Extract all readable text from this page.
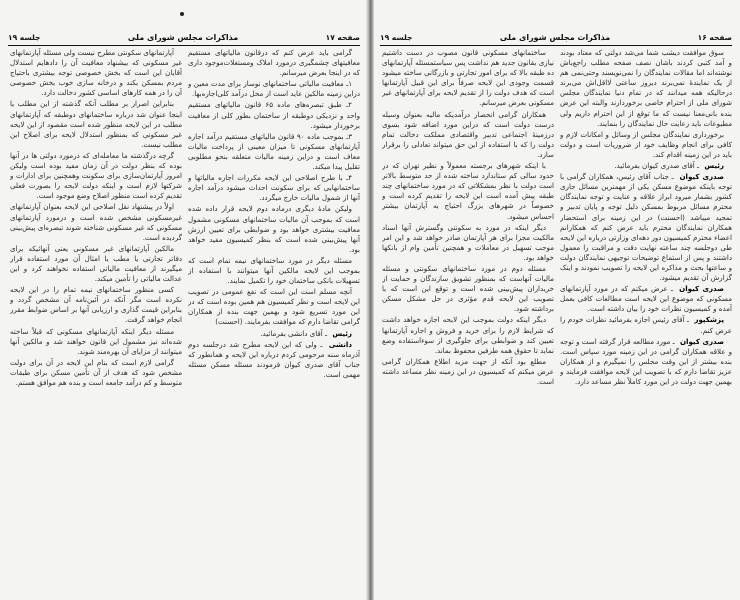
صفحه ۱۷
مذاکرات مجلس شورای ملی
جلسه ۱۹

گرامی باید عرض کنم که درقانون مالیاتهای مستقیم معافیتهای چشمگیری درمورد املاک ومستغلات‌موجود داری که در اینجا بعرض میرسانم.

۱ـ معافیت مالیاتی ساختمانهای نوساز برای مدت معین و دراین زمینه مالکین عاید است از محل درآمد کلی‌اجاره‌بها.

۲ـ طبق تبصره‌های ماده ۶۵ قانون مالیاتهای مستقیم واحد و نزدیکی دوطبقه از ساختمان بطور کلی از معافیت برخوردار میشود.

۳ـ بموجب ماده ۹۰ قانون مالیاتهای مستقیم درآمد اجاره آپارتمانهای مسکونی تا میزان معینی از پرداخت مالیات معاف است و دراین زمینه مالیات متعلقه بنحو مطلوبی تقلیل پیدا میکند.

۴ـ با طرح اصلاحی این لایحه مکررات اجاره مالیاتها و ساختمانهایی که برای سکونت احداث میشود درآمد اجاره آنها از شمول مالیات خارج میگردد.

ولیکن مادهٔ دیگری درماده دوم لایحه قرار داده شده است که بموجب آن مالیات ساختمانهای مسکونی مشمول معافیت بیشتری خواهد بود و ضوابطی برای تعیین ارزش آنها پیش‌بینی شده است که بنظر کمیسیون مفید خواهد بود.

مسئله دیگر در مورد ساختمانهای نیمه تمام است که بموجب این لایحه مالکین آنها میتوانند با استفاده از تسهیلات بانکی ساختمان خود را تکمیل نمایند.

آنچه مسلم است این است که نفع عمومی در تصویب این لایحه است و نظر کمیسیون هم همین بوده است که در این مورد تسریع شود و بهمین جهت بنده از همکاران گرامی تقاضا دارم که موافقت بفرمایند. (احسنت)

رئیس ـ آقای دانشی بفرمائید.

دانشی ـ ولی که این لایحه مطرح شد درجلسه دوم آذرماه سنه مرحومی کردم درباره این لایحه و همانطور که جناب آقای صدری کیوان فرمودند مسئله مسکن مسئله مهمی است.

آپارتمانهای سکونتی مطرح نیست ولی مسئله آپارتمانهای غیر مسکونی که بیشنهاد معافیت آن را دادهایم استدلال آقایان این است که بخش خصوصی توجه بیشتری باحتیاج مردم بمسکن بکند و درخانه سازی خوب بخش خصوصی آن را در همه کارهای اساسی کشور دخالت دارد.

بنابراین اصرار بر مطلب آنکه گذشته از این مطلب یا اینجا عنوان شد درباره ساختمانهای دوطبقه که آپارتمانهای مطلب در این لایحه منظور شده است مقصود از این لایحه غیر مسکونی که بمنظور استدلال لایحه برای اصلاح این مطلب نیست.

گرچه درگذشته ما معامله‌ای که درمورد دولتی ها در آنها بوده که بنظر دولت در آن زمان مفید بوده است ولیکن امروز آپارتمان‌سازی برای سکونت وهمچنین برای ادارات و شرکتها لازم است و اینکه دولت لایحه را بصورت فعلی تقدیم کرده است منظور اصلاح وضع موجود است.

اولاً در پیشنهاد نقل اصلاحی این لایحه بعنوان آپارتمانهای غیرمسکونی مشخص شده است و درمورد آپارتمانهای مسکونی که غیر مسکونی شناخته شوند تبصره‌ای پیش‌بینی گردیده است.

مالکین آپارتمانهای غیر مسکونی یعنی آنهائیکه برای دفاتر تجارتی یا مطب یا امثال آن مورد استفاده قرار میگیرند از معافیت مالیاتی استفاده نخواهند کرد و این عدالت مالیاتی را تأمین میکند.

کسی منظور ساختمانهای نیمه تمام را در این لایحه نکرده است مگر آنکه در آئین‌نامه آن مشخص گردد و بنابراین قیمت گذاری و ارزیابی آنها بر اساس ضوابط مقرر انجام خواهد گرفت.

مسئله دیگر اینکه آپارتمانهای مسکونی که قبلاً ساخته شده‌اند نیز مشمول این قانون خواهند شد و مالکین آنها میتوانند از مزایای آن بهره‌مند شوند.

گرامی لازم است که بنام این لایحه در آن برای دولت مشخص شود که هدف از آن تأمین مسکن برای طبقات متوسط و کم درآمد جامعه است و بنده هم موافق هستم.

صفحه ۱۶
مذاکرات مجلس شورای ملی
جلسه ۱۹

سوق موافقت دیشب شما می‌شد دولتی که معتاد بودند و آمد کتبی کردند باشان نصف صفحه مطلب راجع‌باش نوشته‌اند اما مقالات نمایندگان را نمی‌نویسند وحتی‌نمی هم از یک نمایندهٔ نمی‌برند دیروز ساعتی لااقل‌اش می‌برند درحالیکه همه میدانند که در تمام دنیا نمایندگان مجلس شورای ملی از احترام خاصی برخوردارند والبته این عرض بنده بانی‌معنا نیست که ما توقع از این احترام داریم ولی مطبوعات باید رعایت حال نمایندگان را بنمایند.

برخورداری نمایندگان مجلس از وسائل و امکانات لازم و کافی برای انجام وظایف خود از ضروریات است و دولت باید در این زمینه اقدام کند.

رئیس ـ آقای صدری کیوان بفرمائید.

صدری کیوان ـ جناب آقای رئیس، همکاران گرامی با توجه باینکه موضوع مسکن یکی از مهمترین مسائل جاری کشور بشمار میرود ابراز علاقه و عنایت و توجه نمایندگان محترم مسائل مربوط بمسکن دلیل توجه و پایان تدبیر و تمجید میباشد (احسنت) در این زمینه برای استحضار همکاران نمایندگان محترم باید عرض کنم که همکارانم اعضاء محترم کمیسیون دور دهه‌ای وزارتی درباره این لایحه طی دوجلسه چند ساعته نهایت دقت و مراقبت را معمول داشتند و پس از استماع توضیحات توجیهی نمایندگان دولت و ساعتها بحث و مذاکره این لایحه را تصویب نمودند و اینک گزارش آن تقدیم میشود.

صدری کیوان ـ عرض میکنم که در مورد آپارتمانهای مسکونی که موضوع این لایحه است مطالعات کافی بعمل آمده و کمیسیون نظرات خود را بیان داشته است.

پزشکپور ـ آقای رئیس اجازه بفرمائید نظرات خودم را عرض کنم.

صدری کیوان ـ مورد مطالعه قرار گرفته است و توجه و علاقه همکاران گرامی در این زمینه مورد سپاس است. بنده بیشتر از این وقت مجلس را نمیگیرم و از همکاران عزیز تقاضا دارم که با تصویب این لایحه موافقت فرمایند و بهمین جهت دولت در این مورد کاملاً نظر مساعد دارد.

ساختمانهای مسکونی قانون مصوب در دست داشتیم نیازی بقانون جدید هم نداشت پس سیاستمسئله آپارتمانهای ده طبقه بالا که برای امور تجارتی و بازرگانی ساخته میشود قسمت وجودی این لایحه صرفاً برای این قبیل آپارتمانها است که هدف دولت را از تقدیم لایحه برای آپارتمانهای غیر مسکونی بعرض میرسانم.

همکاران گرامی انحصار درآمدیکه مالیه بعنوان وسیله درست دولت است که دراین مورد اضافه شود بسوی درزمینهٔ اجتماعی تدبیر واقتصادی مملکت دخالت تمام دولت را که با استفاده از این حق میتواند تعادلی را برقرار سازد.

با اینکه شهرهای برجسته معمولاً و نظیر تهران که در حدود سالی کم ستاندارد ساخته شده از حد متوسط بالاتر است دولت با نظر بمشکلاتی که در مورد ساختمانهای چند طبقه پیش آمده است این لایحه را تقدیم کرده است و خصوصاً در شهرهای بزرگ احتیاج به آپارتمان بیشتر احساس میشود.

دیگر اینکه در مورد به سکونتی وگسترش آنها اسناد مالکیت مجزا برای هر آپارتمان صادر خواهد شد و این امر موجب تسهیل در معاملات و همچنین تأمین وام از بانکها خواهد بود.

مسئله دوم در مورد ساختمانهای سکونتی و مسئله مالیات آنهاست که بمنظور تشویق سازندگان و حمایت از خریداران پیش‌بینی شده است و توقع این است که با تصویب این لایحه قدم مؤثری در حل مشکل مسکن برداشته شود.

دیگر اینکه دولت بموجب این لایحه اجازه خواهد داشت که شرایط لازم را برای خرید و فروش و اجاره آپارتمانها تعیین کند و ضوابطی برای جلوگیری از سوءاستفاده وضع نماید تا حقوق همه طرفین محفوظ بماند.

مطلع بود آنکه از جهت مزید اطلاع همکاران گرامی عرض میکنم که کمیسیون در این زمینه نظر مساعد داشته است.
